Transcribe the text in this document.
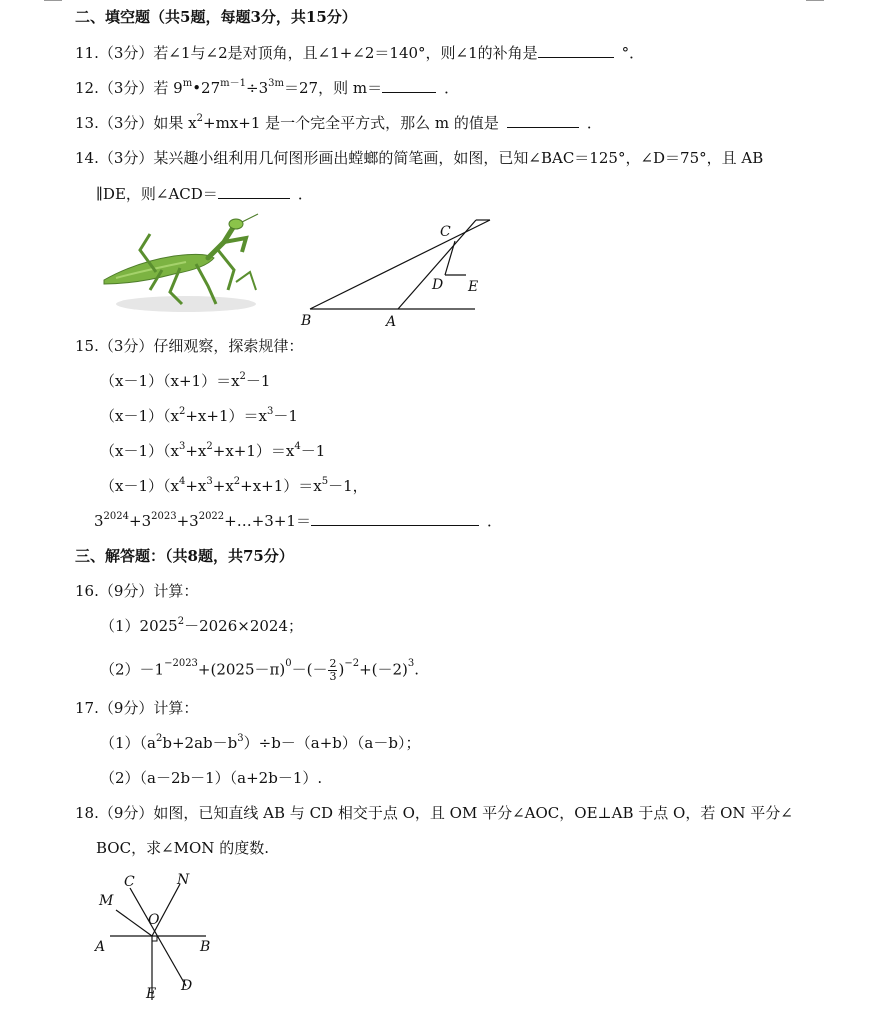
二、填空题（共5题，每题3分，共15分）
11.（3分）若∠1与∠2是对顶角，且∠1+∠2＝140°，则∠1的补角是	°．
12.（3分）若 $9^m•27^{m-1}\div 3^{3m}=27$，则 m＝	．
13.（3分）如果 $x^2+mx+1$ 是一个完全平方式，那么 m 的值是	．
14.（3分）某兴趣小组利用几何图形画出螳螂的简笔画，如图，已知∠BAC＝125°，∠D＝75°，且 AB
∥DE，则∠ACD＝	．
C
D E
B	A
15.（3分）仔细观察，探索规律：
$(x-1)(x+1)=x^2-1$
$(x-1)(x^2+x+1)=x^3-1$
$(x-1)(x^3+x^2+x+1)=x^4-1$
$(x-1)(x^4+x^3+x^2+x+1)=x^5-1$，
$3^{2024}+3^{2023}+3^{2022}+\dots+3+1=$	．
三、解答题：（共8题，共75分）
16.（9分）计算：
$(1)2025^2-2026\times 2024$；
$(2)-1^{-2023}+(2025-\pi)^0-(- \frac{2}{3} )^{-2}+(-2)^3$.
17.（9分）计算：
$(1)(a^2b+2ab-b^3)\div b-(a+b)(a-b)$；
（2）（a－2b－1）（a+2b－1）.
18.（9分）如图，已知直线 AB 与 CD 相交于点 O，且 OM 平分∠AOC，OE⊥AB 于点 O，若 ON 平分∠
BOC，求∠MON 的度数.
C	N
M
O
A	B
E D
